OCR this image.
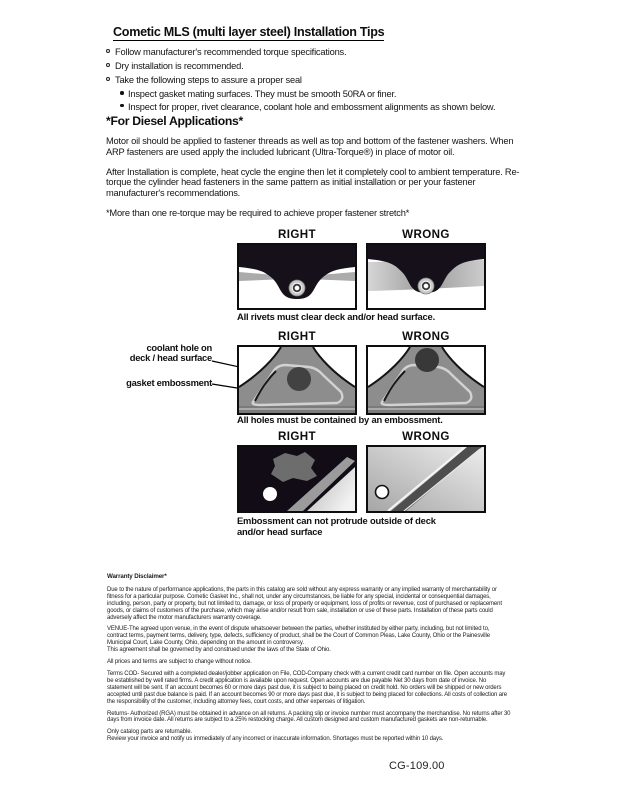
Cometic MLS (multi layer steel) Installation Tips
Follow manufacturer's recommended torque specifications.
Dry installation is recommended.
Take the following steps to assure a proper seal
Inspect gasket mating surfaces. They must be smooth 50RA or finer.
Inspect for proper, rivet clearance, coolant hole and embossment alignments as shown below.
*For Diesel Applications*

Motor oil should be applied to fastener threads as well as top and bottom of the fastener washers. When ARP fasteners are used apply the included lubricant (Ultra-Torque®) in place of motor oil.

After Installation is complete, heat cycle the engine then let it completely cool to ambient temperature. Re-torque the cylinder head fasteners in the same pattern as initial installation or per your fastener manufacturer's recommendations.

*More than one re-torque may be required to achieve proper fastener stretch*

RIGHT	WRONG
All rivets must clear deck and/or head surface.
RIGHT	WRONG
coolant hole on
deck / head surface
gasket embossment
All holes must be contained by an embossment.
RIGHT	WRONG
Embossment can not protrude outside of deck
and/or head surface

Warranty Disclaimer*

Due to the nature of performance applications, the parts in this catalog are sold without any express warranty or any implied warranty of merchantability or fitness for a particular purpose. Cometic Gasket Inc., shall not, under any circumstances, be liable for any special, incidental or consequential damages, including, person, party or property, but not limited to, damage, or loss of property or equipment, loss of profits or revenue, cost of purchased or replacement goods, or claims of customers of the purchase, which may arise and/or result from sale, installation or use of these parts. Installation of these parts could adversely affect the motor manufacturers warranty coverage.

VENUE-The agreed upon venue, in the event of dispute whatsoever between the parties, whether instituted by either party, including, but not limited to, contract terms, payment terms, delivery, type, defects, sufficiency of product, shall be the Court of Common Pleas, Lake County, Ohio or the Painesville Municipal Court, Lake County, Ohio, depending on the amount in controversy.
This agreement shall be governed by and construed under the laws of the State of Ohio.

All prices and terms are subject to change without notice.

Terms COD- Secured with a completed dealer/jobber application on File, COD-Company check with a current credit card number on file. Open accounts may be established by well rated firms. A credit application is available upon request. Open accounts are due payable Net 30 days from date of invoice. No statement will be sent. If an account becomes 60 or more days past due, it is subject to being placed on credit hold. No orders will be shipped or new orders accepted until past due balance is paid. If an account becomes 90 or more days past due, it is subject to being placed for collections. All costs of collection are the responsibility of the customer, including attorney fees, court costs, and other expenses of litigation.

Returns- Authorized (RGA) must be obtained in advance on all returns. A packing slip or invoice number must accompany the merchandise. No returns after 30 days from invoice date. All returns are subject to a 25% restocking charge. All custom designed and custom manufactured gaskets are non-returnable.

Only catalog parts are returnable.
Review your invoice and notify us immediately of any incorrect or inaccurate information. Shortages must be reported within 10 days.

CG-109.00
